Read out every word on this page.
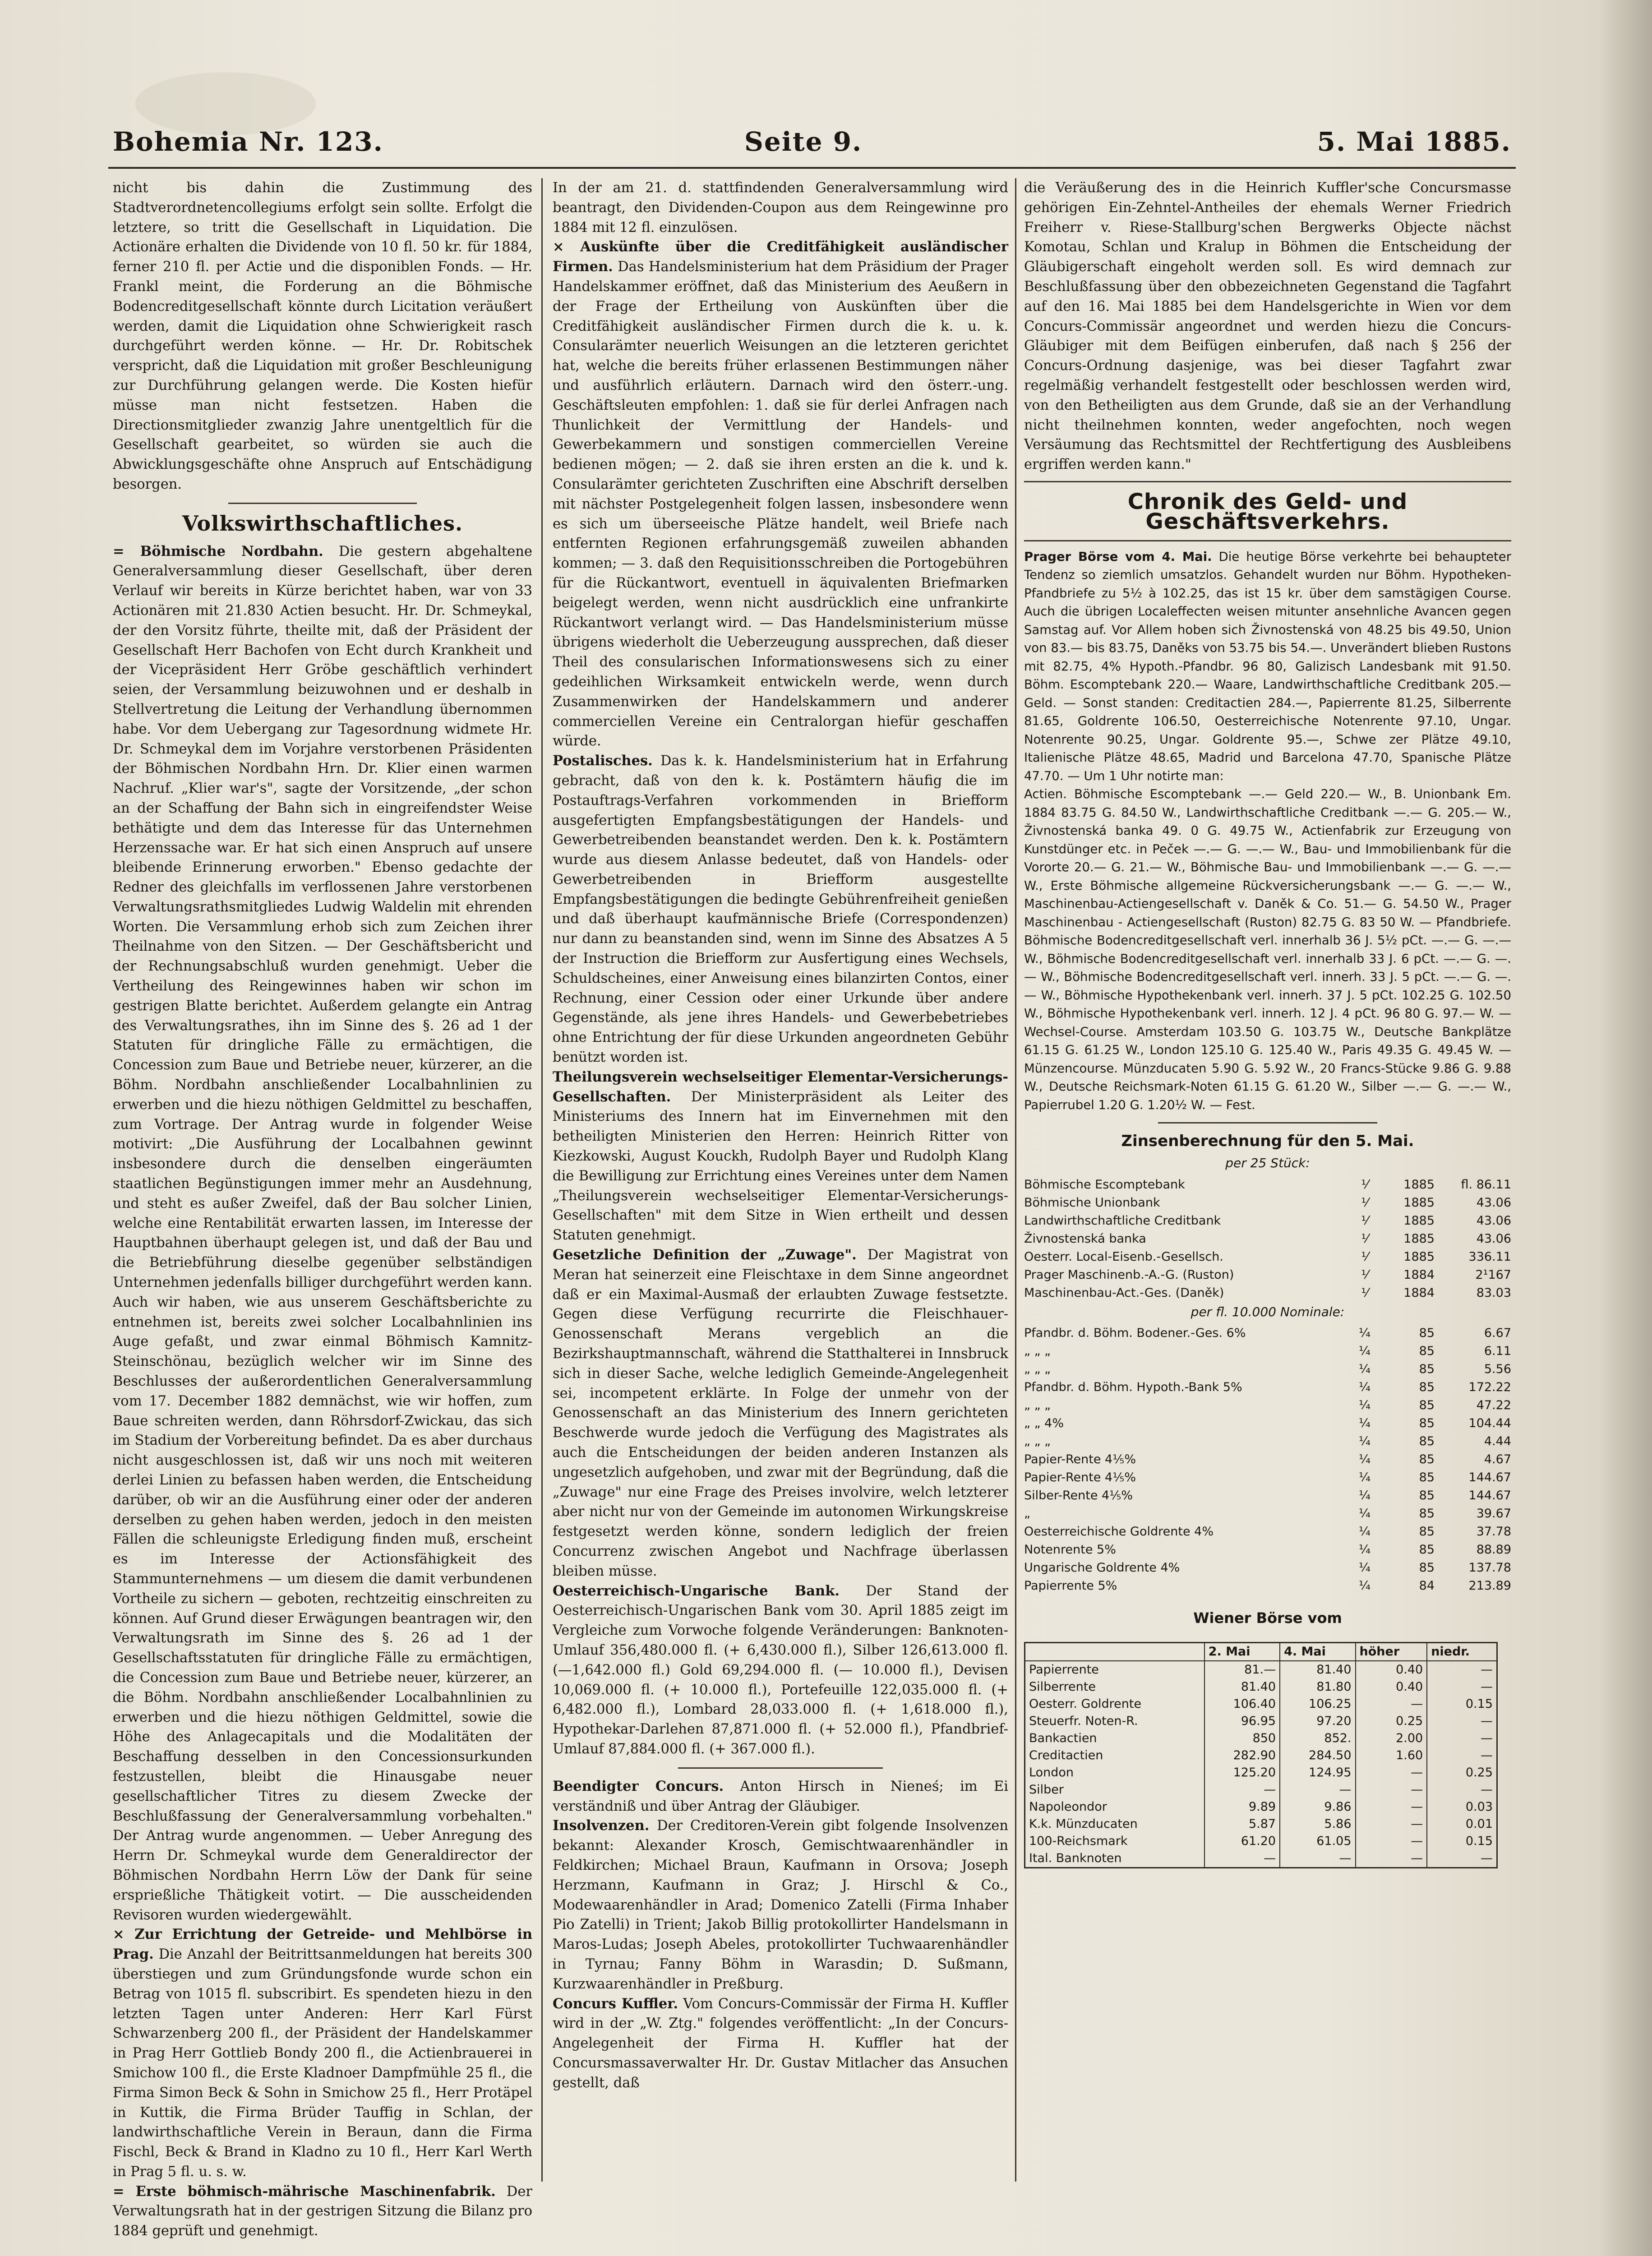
Bohemia Nr. 123.	Seite 9.	5. Mai 1885.

nicht bis dahin die Zustimmung des Stadtverordnetencollegiums erfolgt sein sollte. Erfolgt die letztere, so tritt die Gesellschaft in Liquidation. Die Actionäre erhalten die Dividende von 10 fl. 50 kr. für 1884, ferner 210 fl. per Actie und die disponiblen Fonds. — Hr. Frankl meint, die Forderung an die Böhmische Bodencreditgesellschaft könnte durch Licitation veräußert werden, damit die Liquidation ohne Schwierigkeit rasch durchgeführt werden könne. — Hr. Dr. Robitschek verspricht, daß die Liquidation mit großer Beschleunigung zur Durchführung gelangen werde. Die Kosten hiefür müsse man nicht festsetzen. Haben die Directionsmitglieder zwanzig Jahre unentgeltlich für die Gesellschaft gearbeitet, so würden sie auch die Abwicklungsgeschäfte ohne Anspruch auf Entschädigung besorgen.

Volkswirthschaftliches.

= Böhmische Nordbahn. Die gestern abgehaltene Generalversammlung dieser Gesellschaft, über deren Verlauf wir bereits in Kürze berichtet haben, war von 33 Actionären mit 21.830 Actien besucht. Hr. Dr. Schmeykal, der den Vorsitz führte, theilte mit, daß der Präsident der Gesellschaft Herr Bachofen von Echt durch Krankheit und der Vicepräsident Herr Gröbe geschäftlich verhindert seien, der Versammlung beizuwohnen und er deshalb in Stellvertretung die Leitung der Verhandlung übernommen habe. Vor dem Uebergang zur Tagesordnung widmete Hr. Dr. Schmeykal dem im Vorjahre verstorbenen Präsidenten der Böhmischen Nordbahn Hrn. Dr. Klier einen warmen Nachruf. „Klier war's", sagte der Vorsitzende, „der schon an der Schaffung der Bahn sich in eingreifendster Weise bethätigte und dem das Interesse für das Unternehmen Herzenssache war. Er hat sich einen Anspruch auf unsere bleibende Erinnerung erworben." Ebenso gedachte der Redner des gleichfalls im verflossenen Jahre verstorbenen Verwaltungsrathsmitgliedes Ludwig Waldelin mit ehrenden Worten. Die Versammlung erhob sich zum Zeichen ihrer Theilnahme von den Sitzen. — Der Geschäftsbericht und der Rechnungsabschluß wurden genehmigt. Ueber die Vertheilung des Reingewinnes haben wir schon im gestrigen Blatte berichtet. Außerdem gelangte ein Antrag des Verwaltungsrathes, ihn im Sinne des §. 26 ad 1 der Statuten für dringliche Fälle zu ermächtigen, die Concession zum Baue und Betriebe neuer, kürzerer, an die Böhm. Nordbahn anschließender Localbahnlinien zu erwerben und die hiezu nöthigen Geldmittel zu beschaffen, zum Vortrage. Der Antrag wurde in folgender Weise motivirt: „Die Ausführung der Localbahnen gewinnt insbesondere durch die denselben eingeräumten staatlichen Begünstigungen immer mehr an Ausdehnung, und steht es außer Zweifel, daß der Bau solcher Linien, welche eine Rentabilität erwarten lassen, im Interesse der Hauptbahnen überhaupt gelegen ist, und daß der Bau und die Betriebführung dieselbe gegenüber selbständigen Unternehmen jedenfalls billiger durchgeführt werden kann. Auch wir haben, wie aus unserem Geschäftsberichte zu entnehmen ist, bereits zwei solcher Localbahnlinien ins Auge gefaßt, und zwar einmal Böhmisch Kamnitz-Steinschönau, bezüglich welcher wir im Sinne des Beschlusses der außerordentlichen Generalversammlung vom 17. December 1882 demnächst, wie wir hoffen, zum Baue schreiten werden, dann Röhrsdorf-Zwickau, das sich im Stadium der Vorbereitung befindet. Da es aber durchaus nicht ausgeschlossen ist, daß wir uns noch mit weiteren derlei Linien zu befassen haben werden, die Entscheidung darüber, ob wir an die Ausführung einer oder der anderen derselben zu gehen haben werden, jedoch in den meisten Fällen die schleunigste Erledigung finden muß, erscheint es im Interesse der Actionsfähigkeit des Stammunternehmens — um diesem die damit verbundenen Vortheile zu sichern — geboten, rechtzeitig einschreiten zu können. Auf Grund dieser Erwägungen beantragen wir, den Verwaltungsrath im Sinne des §. 26 ad 1 der Gesellschaftsstatuten für dringliche Fälle zu ermächtigen, die Concession zum Baue und Betriebe neuer, kürzerer, an die Böhm. Nordbahn anschließender Localbahnlinien zu erwerben und die hiezu nöthigen Geldmittel, sowie die Höhe des Anlagecapitals und die Modalitäten der Beschaffung desselben in den Concessionsurkunden festzustellen, bleibt die Hinausgabe neuer gesellschaftlicher Titres zu diesem Zwecke der Beschlußfassung der Generalversammlung vorbehalten." Der Antrag wurde angenommen. — Ueber Anregung des Herrn Dr. Schmeykal wurde dem Generaldirector der Böhmischen Nordbahn Herrn Löw der Dank für seine ersprießliche Thätigkeit votirt. — Die ausscheidenden Revisoren wurden wiedergewählt.

× Zur Errichtung der Getreide- und Mehlbörse in Prag. Die Anzahl der Beitrittsanmeldungen hat bereits 300 überstiegen und zum Gründungsfonde wurde schon ein Betrag von 1015 fl. subscribirt. Es spendeten hiezu in den letzten Tagen unter Anderen: Herr Karl Fürst Schwarzenberg 200 fl., der Präsident der Handelskammer in Prag Herr Gottlieb Bondy 200 fl., die Actienbrauerei in Smichow 100 fl., die Erste Kladnoer Dampfmühle 25 fl., die Firma Simon Beck & Sohn in Smichow 25 fl., Herr Protäpel in Kuttik, die Firma Brüder Tauffig in Schlan, der landwirthschaftliche Verein in Beraun, dann die Firma Fischl, Beck & Brand in Kladno zu 10 fl., Herr Karl Werth in Prag 5 fl. u. s. w.

= Erste böhmisch-mährische Maschinenfabrik. Der Verwaltungsrath hat in der gestrigen Sitzung die Bilanz pro 1884 geprüft und genehmigt.

In der am 21. d. stattfindenden Generalversammlung wird beantragt, den Dividenden-Coupon aus dem Reingewinne pro 1884 mit 12 fl. einzulösen.

× Auskünfte über die Creditfähigkeit ausländischer Firmen. Das Handelsministerium hat dem Präsidium der Prager Handelskammer eröffnet, daß das Ministerium des Aeußern in der Frage der Ertheilung von Auskünften über die Creditfähigkeit ausländischer Firmen durch die k. u. k. Consularämter neuerlich Weisungen an die letzteren gerichtet hat, welche die bereits früher erlassenen Bestimmungen näher und ausführlich erläutern. Darnach wird den österr.-ung. Geschäftsleuten empfohlen: 1. daß sie für derlei Anfragen nach Thunlichkeit der Vermittlung der Handels- und Gewerbekammern und sonstigen commerciellen Vereine bedienen mögen; — 2. daß sie ihren ersten an die k. und k. Consularämter gerichteten Zuschriften eine Abschrift derselben mit nächster Postgelegenheit folgen lassen, insbesondere wenn es sich um überseeische Plätze handelt, weil Briefe nach entfernten Regionen erfahrungsgemäß zuweilen abhanden kommen; — 3. daß den Requisitionsschreiben die Portogebühren für die Rückantwort, eventuell in äquivalenten Briefmarken beigelegt werden, wenn nicht ausdrücklich eine unfrankirte Rückantwort verlangt wird. — Das Handelsministerium müsse übrigens wiederholt die Ueberzeugung aussprechen, daß dieser Theil des consularischen Informationswesens sich zu einer gedeihlichen Wirksamkeit entwickeln werde, wenn durch Zusammenwirken der Handelskammern und anderer commerciellen Vereine ein Centralorgan hiefür geschaffen würde.

Postalisches. Das k. k. Handelsministerium hat in Erfahrung gebracht, daß von den k. k. Postämtern häufig die im Postauftrags-Verfahren vorkommenden in Briefform ausgefertigten Empfangsbestätigungen der Handels- und Gewerbetreibenden beanstandet werden. Den k. k. Postämtern wurde aus diesem Anlasse bedeutet, daß von Handels- oder Gewerbetreibenden in Briefform ausgestellte Empfangsbestätigungen die bedingte Gebührenfreiheit genießen und daß überhaupt kaufmännische Briefe (Correspondenzen) nur dann zu beanstanden sind, wenn im Sinne des Absatzes A 5 der Instruction die Briefform zur Ausfertigung eines Wechsels, Schuldscheines, einer Anweisung eines bilanzirten Contos, einer Rechnung, einer Cession oder einer Urkunde über andere Gegenstände, als jene ihres Handels- und Gewerbebetriebes ohne Entrichtung der für diese Urkunden angeordneten Gebühr benützt worden ist.

Theilungsverein wechselseitiger Elementar-Versicherungs-Gesellschaften. Der Ministerpräsident als Leiter des Ministeriums des Innern hat im Einvernehmen mit den betheiligten Ministerien den Herren: Heinrich Ritter von Kiezkowski, August Kouckh, Rudolph Bayer und Rudolph Klang die Bewilligung zur Errichtung eines Vereines unter dem Namen „Theilungsverein wechselseitiger Elementar-Versicherungs-Gesellschaften" mit dem Sitze in Wien ertheilt und dessen Statuten genehmigt.

Gesetzliche Definition der „Zuwage". Der Magistrat von Meran hat seinerzeit eine Fleischtaxe in dem Sinne angeordnet daß er ein Maximal-Ausmaß der erlaubten Zuwage festsetzte. Gegen diese Verfügung recurrirte die Fleischhauer-Genossenschaft Merans vergeblich an die Bezirkshauptmannschaft, während die Statthalterei in Innsbruck sich in dieser Sache, welche lediglich Gemeinde-Angelegenheit sei, incompetent erklärte. In Folge der unmehr von der Genossenschaft an das Ministerium des Innern gerichteten Beschwerde wurde jedoch die Verfügung des Magistrates als auch die Entscheidungen der beiden anderen Instanzen als ungesetzlich aufgehoben, und zwar mit der Begründung, daß die „Zuwage" nur eine Frage des Preises involvire, welch letzterer aber nicht nur von der Gemeinde im autonomen Wirkungskreise festgesetzt werden könne, sondern lediglich der freien Concurrenz zwischen Angebot und Nachfrage überlassen bleiben müsse.

Oesterreichisch-Ungarische Bank. Der Stand der Oesterreichisch-Ungarischen Bank vom 30. April 1885 zeigt im Vergleiche zum Vorwoche folgende Veränderungen: Banknoten-Umlauf 356,480.000 fl. (+ 6,430.000 fl.), Silber 126,613.000 fl. (—1,642.000 fl.) Gold 69,294.000 fl. (— 10.000 fl.), Devisen 10,069.000 fl. (+ 10.000 fl.), Portefeuille 122,035.000 fl. (+ 6,482.000 fl.), Lombard 28,033.000 fl. (+ 1,618.000 fl.), Hypothekar-Darlehen 87,871.000 fl. (+ 52.000 fl.), Pfandbrief-Umlauf 87,884.000 fl. (+ 367.000 fl.).

Beendigter Concurs. Anton Hirsch in Nieneś; im Ei verständniß und über Antrag der Gläubiger.

Insolvenzen. Der Creditoren-Verein gibt folgende Insolvenzen bekannt: Alexander Krosch, Gemischtwaarenhändler in Feldkirchen; Michael Braun, Kaufmann in Orsova; Joseph Herzmann, Kaufmann in Graz; J. Hirschl & Co., Modewaarenhändler in Arad; Domenico Zatelli (Firma Inhaber Pio Zatelli) in Trient; Jakob Billig protokollirter Handelsmann in Maros-Ludas; Joseph Abeles, protokollirter Tuchwaarenhändler in Tyrnau; Fanny Böhm in Warasdin; D. Sußmann, Kurzwaarenhändler in Preßburg.

Concurs Kuffler. Vom Concurs-Commissär der Firma H. Kuffler wird in der „W. Ztg." folgendes veröffentlicht: „In der Concurs-Angelegenheit der Firma H. Kuffler hat der Concursmassaverwalter Hr. Dr. Gustav Mitlacher das Ansuchen gestellt, daß

die Veräußerung des in die Heinrich Kuffler'sche Concursmasse gehörigen Ein-Zehntel-Antheiles der ehemals Werner Friedrich Freiherr v. Riese-Stallburg'schen Bergwerks Objecte nächst Komotau, Schlan und Kralup in Böhmen die Entscheidung der Gläubigerschaft eingeholt werden soll. Es wird demnach zur Beschlußfassung über den obbezeichneten Gegenstand die Tagfahrt auf den 16. Mai 1885 bei dem Handelsgerichte in Wien vor dem Concurs-Commissär angeordnet und werden hiezu die Concurs-Gläubiger mit dem Beifügen einberufen, daß nach § 256 der Concurs-Ordnung dasjenige, was bei dieser Tagfahrt zwar regelmäßig verhandelt festgestellt oder beschlossen werden wird, von den Betheiligten aus dem Grunde, daß sie an der Verhandlung nicht theilnehmen konnten, weder angefochten, noch wegen Versäumung das Rechtsmittel der Rechtfertigung des Ausbleibens ergriffen werden kann."

Chronik des Geld- und Geschäftsverkehrs.

Prager Börse vom 4. Mai. Die heutige Börse verkehrte bei behaupteter Tendenz so ziemlich umsatzlos. Gehandelt wurden nur Böhm. Hypotheken-Pfandbriefe zu 5½ à 102.25, das ist 15 kr. über dem samstägigen Course. Auch die übrigen Localeffecten weisen mitunter ansehnliche Avancen gegen Samstag auf. Vor Allem hoben sich Živnostenská von 48.25 bis 49.50, Union von 83.— bis 83.75, Daněks von 53.75 bis 54.—. Unverändert blieben Rustons mit 82.75, 4% Hypoth.-Pfandbr. 96 80, Galizisch Landesbank mit 91.50. Böhm. Escomptebank 220.— Waare, Landwirthschaftliche Creditbank 205.— Geld. — Sonst standen: Creditactien 284.—, Papierrente 81.25, Silberrente 81.65, Goldrente 106.50, Oesterreichische Notenrente 97.10, Ungar. Notenrente 90.25, Ungar. Goldrente 95.—, Schwe zer Plätze 49.10, Italienische Plätze 48.65, Madrid und Barcelona 47.70, Spanische Plätze 47.70. — Um 1 Uhr notirte man:

Actien. Böhmische Escomptebank —.— Geld 220.— W., B. Unionbank Em. 1884 83.75 G. 84.50 W., Landwirthschaftliche Creditbank —.— G. 205.— W., Živnostenská banka 49. 0 G. 49.75 W., Actienfabrik zur Erzeugung von Kunstdünger etc. in Peček —.— G. —.— W., Bau- und Immobilienbank für die Vororte 20.— G. 21.— W., Böhmische Bau- und Immobilienbank —.— G. —.— W., Erste Böhmische allgemeine Rückversicherungsbank —.— G. —.— W., Maschinenbau-Actiengesellschaft v. Daněk & Co. 51.— G. 54.50 W., Prager Maschinenbau - Actiengesellschaft (Ruston) 82.75 G. 83 50 W. — Pfandbriefe. Böhmische Bodencreditgesellschaft verl. innerhalb 36 J. 5½ pCt. —.— G. —.— W., Böhmische Bodencreditgesellschaft verl. innerhalb 33 J. 6 pCt. —.— G. —.— W., Böhmische Bodencreditgesellschaft verl. innerh. 33 J. 5 pCt. —.— G. —.— W., Böhmische Hypothekenbank verl. innerh. 37 J. 5 pCt. 102.25 G. 102.50 W., Böhmische Hypothekenbank verl. innerh. 12 J. 4 pCt. 96 80 G. 97.— W. — Wechsel-Course. Amsterdam 103.50 G. 103.75 W., Deutsche Bankplätze 61.15 G. 61.25 W., London 125.10 G. 125.40 W., Paris 49.35 G. 49.45 W. — Münzencourse. Münzducaten 5.90 G. 5.92 W., 20 Francs-Stücke 9.86 G. 9.88 W., Deutsche Reichsmark-Noten 61.15 G. 61.20 W., Silber —.— G. —.— W., Papierrubel 1.20 G. 1.20½ W. — Fest.

Zinsenberechnung für den 5. Mai.
per 25 Stück:
Böhmische Escomptebank	⅟	1885	fl. 86.11
Böhmische Unionbank	⅟	1885	43.06
Landwirthschaftliche Creditbank	⅟	1885	43.06
Živnostenská banka	⅟	1885	43.06
Oesterr. Local-Eisenb.-Gesellsch.	⅟	1885	336.11
Prager Maschinenb.-A.-G. (Ruston)	⅟	1884	2¹167
Maschinenbau-Act.-Ges. (Daněk)	⅟	1884	83.03
per fl. 10.000 Nominale:
Pfandbr. d. Böhm. Bodener.-Ges. 6%	¼	85	6.67
„ „ „	¼	85	6.11
„ „ „	¼	85	5.56
Pfandbr. d. Böhm. Hypoth.-Bank 5%	¼	85	172.22
„ „ „	¼	85	47.22
„ „ 4%	¼	85	104.44
„ „ „	¼	85	4.44
Papier-Rente 4⅕%	¼	85	4.67
Papier-Rente 4⅕%	¼	85	144.67
Silber-Rente 4⅕%	¼	85	144.67
„	¼	85	39.67
Oesterreichische Goldrente 4%	¼	85	37.78
Notenrente 5%	¼	85	88.89
Ungarische Goldrente 4%	¼	85	137.78
Papierrente 5%	¼	84	213.89
Wiener Börse vom
	2. Mai	4. Mai	höher	niedr.
Papierrente	81.—	81.40	0.40	—
Silberrente	81.40	81.80	0.40	—
Oesterr. Goldrente	106.40	106.25	—	0.15
Steuerfr. Noten-R.	96.95	97.20	0.25	—
Bankactien	850	852.	2.00	—
Creditactien	282.90	284.50	1.60	—
London	125.20	124.95	—	0.25
Silber	—	—	—	—
Napoleondor	9.89	9.86	—	0.03
K.k. Münzducaten	5.87	5.86	—	0.01
100-Reichsmark	61.20	61.05	—	0.15
Ital. Banknoten	—	—	—	—
